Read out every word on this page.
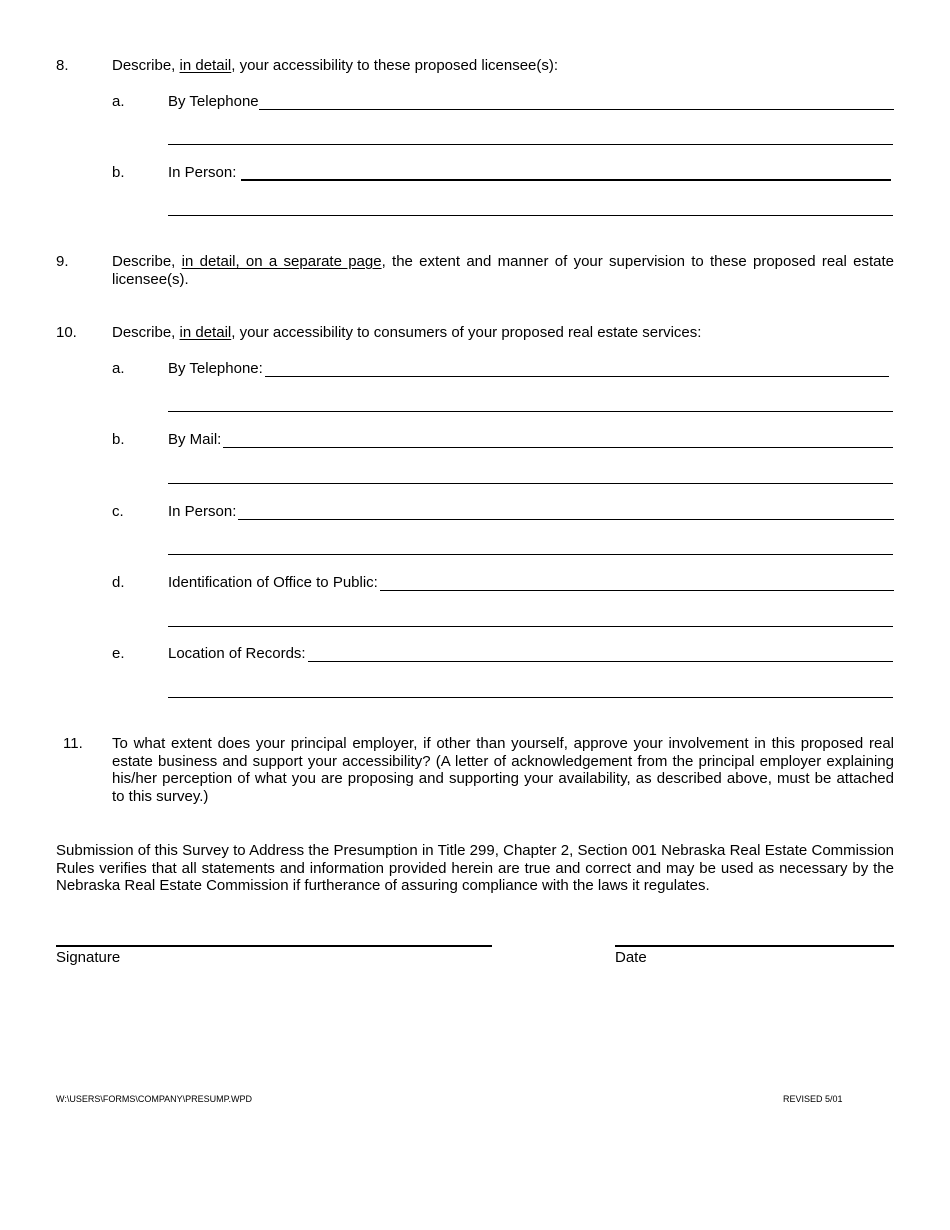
8.	Describe, in detail, your accessibility to these proposed licensee(s):
a.	By Telephone
b.	In Person:
9.	Describe, in detail, on a separate page, the extent and manner of your supervision to these proposed real estate licensee(s).
10. Describe, in detail, your accessibility to consumers of your proposed real estate services:
a.	By Telephone:
b.	By Mail:
c.	In Person:
d.	Identification of Office to Public:
e.	Location of Records:
11. To what extent does your principal employer, if other than yourself, approve your involvement in this proposed real estate business and support your accessibility? (A letter of acknowledgement from the principal employer explaining his/her perception of what you are proposing and supporting your availability, as described above, must be attached to this survey.)
Submission of this Survey to Address the Presumption in Title 299, Chapter 2, Section 001 Nebraska Real Estate Commission Rules verifies that all statements and information provided herein are true and correct and may be used as necessary by the Nebraska Real Estate Commission if furtherance of assuring compliance with the laws it regulates.
Signature	Date
W:\USERS\FORMS\COMPANY\PRESUMP.WPD	REVISED 5/01
